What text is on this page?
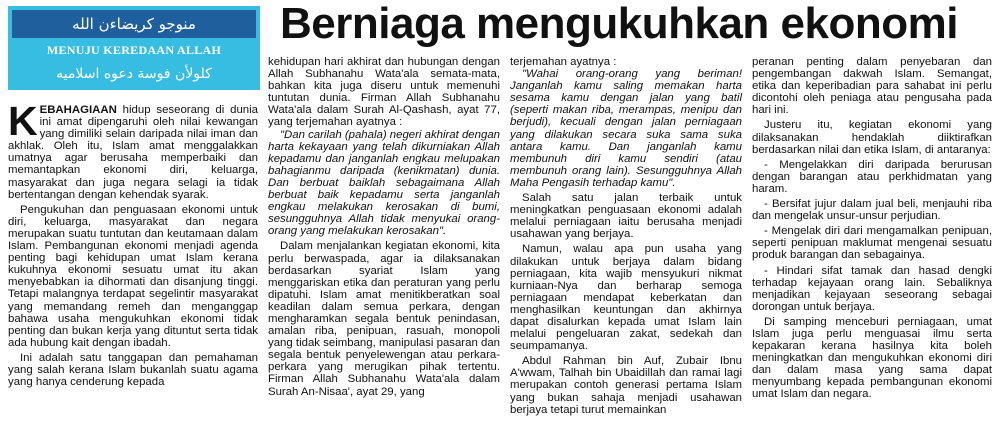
منوجو كريضاءن الله
MENUJU KEREDAAN ALLAH
كلولأن فوسة دعوه اسلاميه
Berniaga mengukuhkan ekonomi

KEBAHAGIAAN hidup seseorang di dunia ini amat dipengaruhi oleh nilai kewangan yang dimiliki selain daripada nilai iman dan akhlak. Oleh itu, Islam amat menggalakkan umatnya agar berusaha memperbaiki dan memantapkan ekonomi diri, keluarga, masyarakat dan juga negara selagi ia tidak bertentangan dengan kehendak syarak.

Pengukuhan dan penguasaan ekonomi untuk diri, keluarga, masyarakat dan negara merupakan suatu tuntutan dan keutamaan dalam Islam. Pembangunan ekonomi menjadi agenda penting bagi kehidupan umat Islam kerana kukuhnya ekonomi sesuatu umat itu akan menyebabkan ia dihormati dan disanjung tinggi. Tetapi malangnya terdapat segelintir masyarakat yang memandang remeh dan menganggap bahawa usaha mengukuhkan ekonomi tidak penting dan bukan kerja yang dituntut serta tidak ada hubung kait dengan ibadah.

Ini adalah satu tanggapan dan pemahaman yang salah kerana Islam bukanlah suatu agama yang hanya cenderung kepada

kehidupan hari akhirat dan hubungan dengan Allah Subhanahu Wata'ala semata-mata, bahkan kita juga diseru untuk memenuhi tuntutan dunia. Firman Allah Subhanahu Wata'ala dalam Surah Al-Qashash, ayat 77, yang terjemahan ayatnya :

"Dan carilah (pahala) negeri akhirat dengan harta kekayaan yang telah dikurniakan Allah kepadamu dan janganlah engkau melupakan bahagianmu daripada (kenikmatan) dunia. Dan berbuat baiklah sebagaimana Allah berbuat baik kepadamu serta janganlah engkau melakukan kerosakan di bumi, sesungguhnya Allah tidak menyukai orang-orang yang melakukan kerosakan".

Dalam menjalankan kegiatan ekonomi, kita perlu berwaspada, agar ia dilaksanakan berdasarkan syariat Islam yang menggariskan etika dan peraturan yang perlu dipatuhi. Islam amat menitikberatkan soal keadilan dalam semua perkara, dengan mengharamkan segala bentuk penindasan, amalan riba, penipuan, rasuah, monopoli yang tidak seimbang, manipulasi pasaran dan segala bentuk penyelewengan atau perkara-perkara yang merugikan pihak tertentu. Firman Allah Subhanahu Wata'ala dalam Surah An-Nisaa', ayat 29, yang

terjemahan ayatnya :

"Wahai orang-orang yang beriman! Janganlah kamu saling memakan harta sesama kamu dengan jalan yang batil (seperti makan riba, merampas, menipu dan berjudi), kecuali dengan jalan perniagaan yang dilakukan secara suka sama suka antara kamu. Dan janganlah kamu membunuh diri kamu sendiri (atau membunuh orang lain). Sesungguhnya Allah Maha Pengasih terhadap kamu".

Salah satu jalan terbaik untuk meningkatkan penguasaan ekonomi adalah melalui perniagaan iaitu berusaha menjadi usahawan yang berjaya.

Namun, walau apa pun usaha yang dilakukan untuk berjaya dalam bidang perniagaan, kita wajib mensyukuri nikmat kurniaan-Nya dan berharap semoga perniagaan mendapat keberkatan dan menghasilkan keuntungan dan akhirnya dapat disalurkan kepada umat Islam lain melalui pengeluaran zakat, sedekah dan seumpamanya.

Abdul Rahman bin Auf, Zubair Ibnu A'wwam, Talhah bin Ubaidillah dan ramai lagi merupakan contoh generasi pertama Islam yang bukan sahaja menjadi usahawan berjaya tetapi turut memainkan

peranan penting dalam penyebaran dan pengembangan dakwah Islam. Semangat, etika dan keperibadian para sahabat ini perlu dicontohi oleh peniaga atau pengusaha pada hari ini.

Justeru itu, kegiatan ekonomi yang dilaksanakan hendaklah diiktirafkan berdasarkan nilai dan etika Islam, di antaranya:

- Mengelakkan diri daripada berurusan dengan barangan atau perkhidmatan yang haram.

- Bersifat jujur dalam jual beli, menjauhi riba dan mengelak unsur-unsur perjudian.

- Mengelak diri dari mengamalkan penipuan, seperti penipuan maklumat mengenai sesuatu produk barangan dan sebagainya.

- Hindari sifat tamak dan hasad dengki terhadap kejayaan orang lain. Sebaliknya menjadikan kejayaan seseorang sebagai dorongan untuk berjaya.

Di samping menceburi perniagaan, umat Islam juga perlu menguasai ilmu serta kepakaran kerana hasilnya kita boleh meningkatkan dan mengukuhkan ekonomi diri dan dalam masa yang sama dapat menyumbang kepada pembangunan ekonomi umat Islam dan negara.
